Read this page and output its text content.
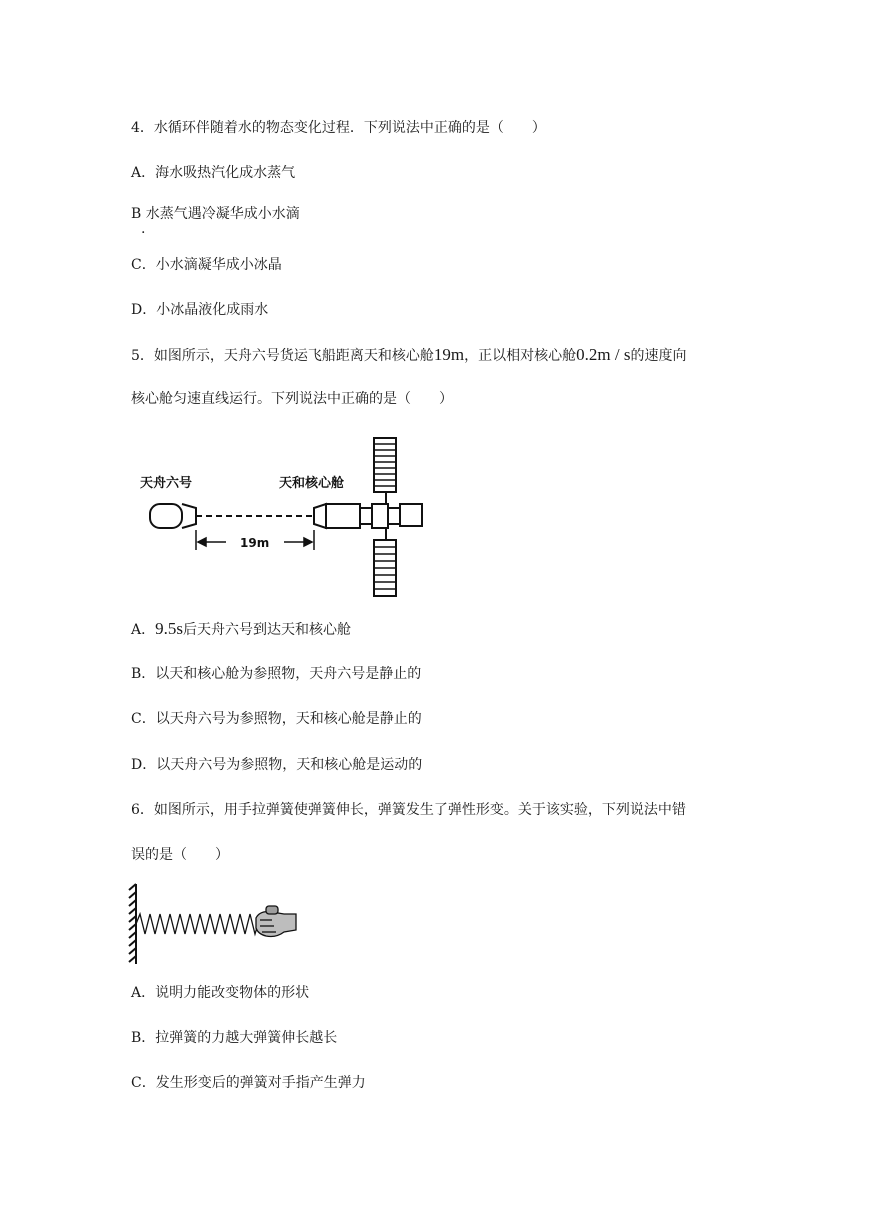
4．水循环伴随着水的物态变化过程．下列说法中正确的是（　　）
A．海水吸热汽化成水蒸气
B 水蒸气遇冷凝华成小水滴
.
C．小水滴凝华成小冰晶
D．小冰晶液化成雨水
5．如图所示，天舟六号货运飞船距离天和核心舱19m，正以相对核心舱0.2m / s的速度向
核心舱匀速直线运行。下列说法中正确的是（　　）
天舟六号	天和核心舱
19m
A．9.5s后天舟六号到达天和核心舱
B．以天和核心舱为参照物，天舟六号是静止的
C．以天舟六号为参照物，天和核心舱是静止的
D．以天舟六号为参照物，天和核心舱是运动的
6．如图所示，用手拉弹簧使弹簧伸长，弹簧发生了弹性形变。关于该实验，下列说法中错
误的是（　　）
A．说明力能改变物体的形状
B．拉弹簧的力越大弹簧伸长越长
C．发生形变后的弹簧对手指产生弹力
